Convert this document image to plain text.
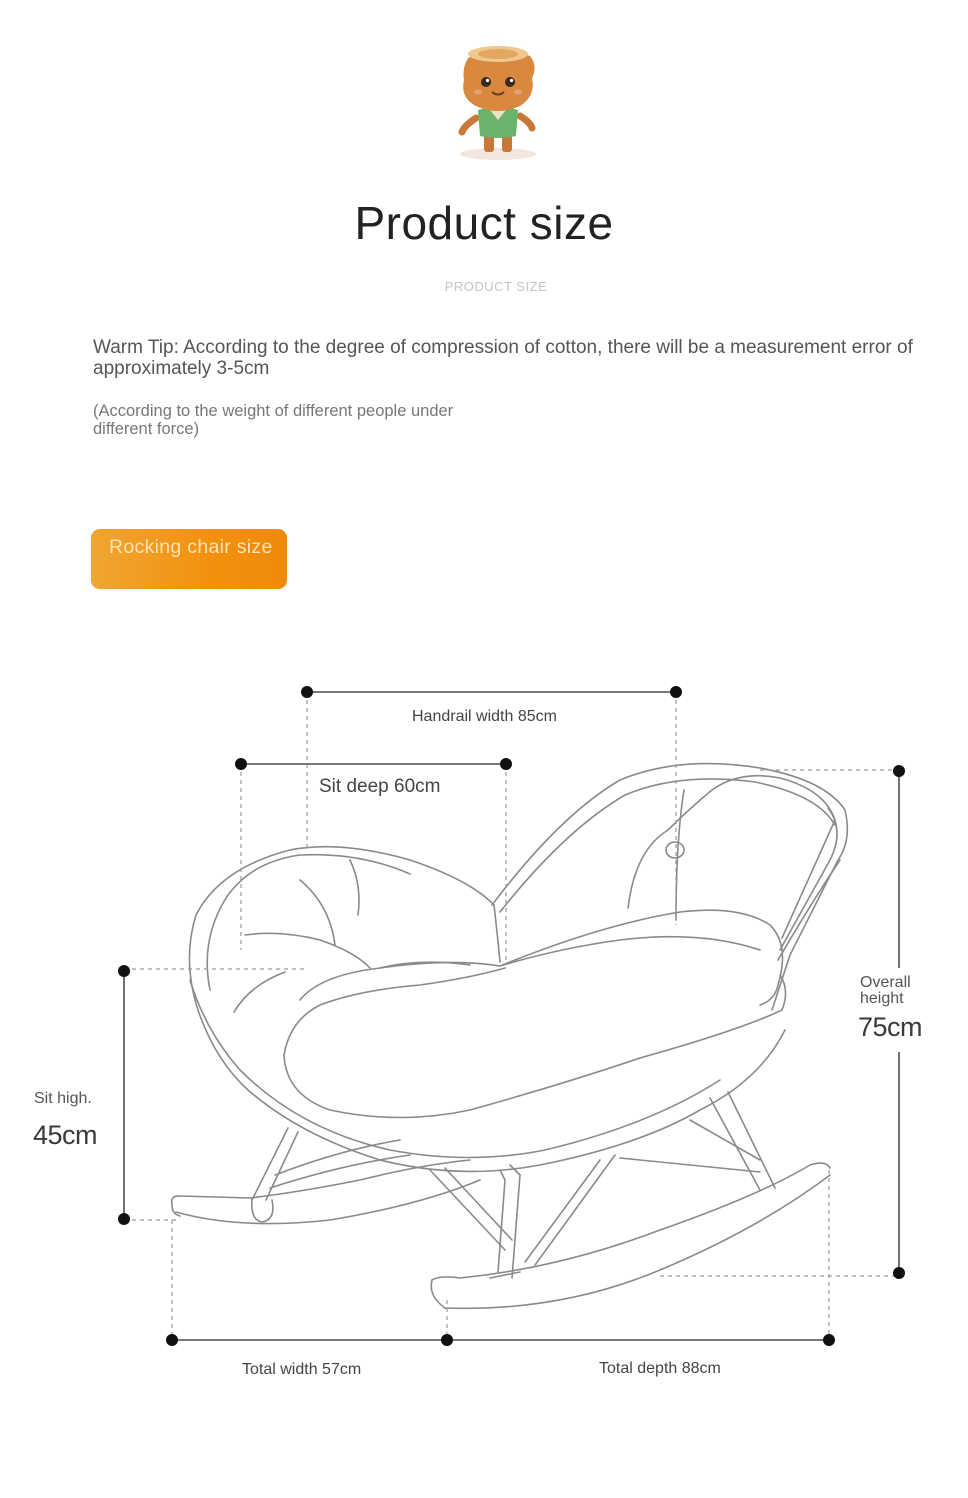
Product size
PRODUCT SIZE
Warm Tip: According to the degree of compression of cotton, there will be a measurement error of approximately 3-5cm
(According to the weight of different people under different force)
Rocking chair size
Handrail width 85cm
Sit deep 60cm
Overall height
75cm
Sit high.
45cm
Total width 57cm	Total depth 88cm
